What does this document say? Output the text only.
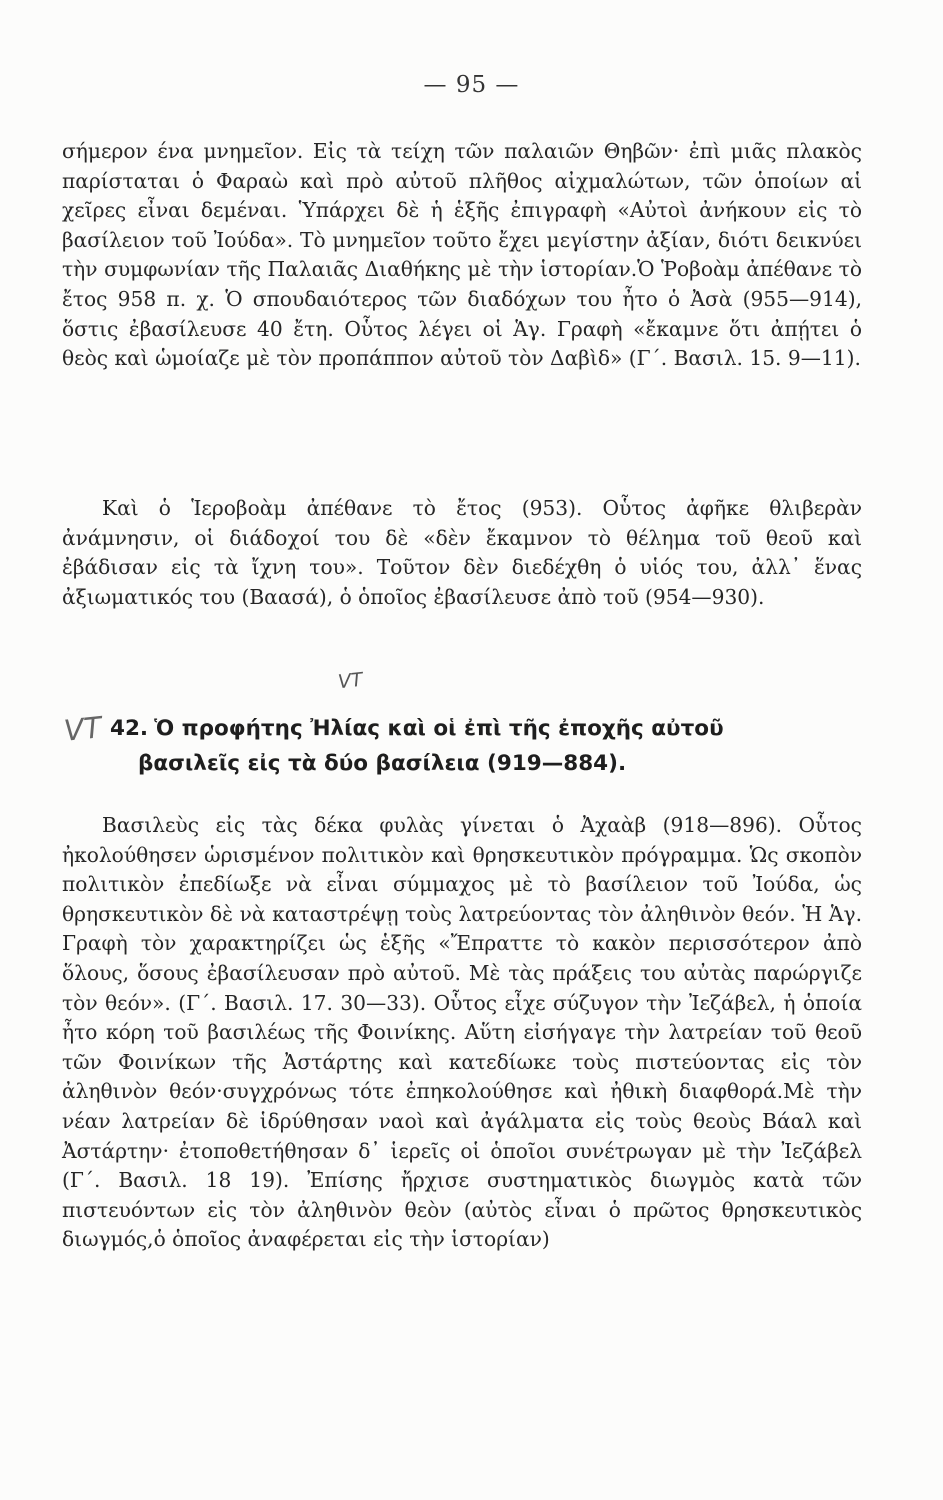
— 95 —

σήμερον ένα μνημεῖον. Εἰς τὰ τείχη τῶν παλαιῶν Θηβῶν· ἐπὶ μιᾶς πλακὸς παρίσταται ὁ Φαραὼ καὶ πρὸ αὐτοῦ πλῆθος αἰχμαλώτων, τῶν ὁποίων αἱ χεῖρες εἶναι δεμέναι. Ὑπάρχει δὲ ἡ ἑξῆς ἐπιγραφὴ «Αὐτοὶ ἀνήκουν εἰς τὸ βασίλειον τοῦ Ἰούδα». Τὸ μνημεῖον τοῦτο ἔχει μεγίστην ἀξίαν, διότι δεικνύει τὴν συμφωνίαν τῆς Παλαιᾶς Διαθήκης μὲ τὴν ἱστορίαν.Ὁ Ῥοβοὰμ ἀπέθανε τὸ ἔτος 958 π. χ. Ὁ σπουδαιότερος τῶν διαδόχων του ἦτο ὁ Ἀσὰ (955—914), ὅστις ἐβασίλευσε 40 ἔτη. Οὗτος λέγει οἱ Ἁγ. Γραφὴ «ἔκαμνε ὅτι ἀπῄτει ὁ θεὸς καὶ ὡμοίαζε μὲ τὸν προπάππον αὐτοῦ τὸν Δαβὶδ» (Γ΄. Βασιλ. 15. 9—11).

Καὶ ὁ Ἱεροβοὰμ ἀπέθανε τὸ ἔτος (953). Οὗτος ἀφῆκε θλιβερὰν ἀνάμνησιν, οἱ διάδοχοί του δὲ «δὲν ἔκαμνον τὸ θέλημα τοῦ θεοῦ καὶ ἐβάδισαν εἰς τὰ ἴχνη του». Τοῦτον δὲν διεδέχθη ὁ υἱός του, ἀλλ᾽ ἕνας ἀξιωματικός του (Βαασά), ὁ ὁποῖος ἐβασίλευσε ἀπὸ τοῦ (954—930).

VT
VT 42. Ὁ προφήτης Ἠλίας καὶ οἱ ἐπὶ τῆς ἐποχῆς αὐτοῦ
βασιλεῖς εἰς τὰ δύο βασίλεια (919—884).

Βασιλεὺς εἰς τὰς δέκα φυλὰς γίνεται ὁ Ἀχαὰβ (918—896). Οὗτος ἠκολούθησεν ὡρισμένον πολιτικὸν καὶ θρησκευτικὸν πρόγραμμα. Ὡς σκοπὸν πολιτικὸν ἐπεδίωξε νὰ εἶναι σύμμαχος μὲ τὸ βασίλειον τοῦ Ἰούδα, ὡς θρησκευτικὸν δὲ νὰ καταστρέψῃ τοὺς λατρεύοντας τὸν ἀληθινὸν θεόν. Ἡ Ἁγ. Γραφὴ τὸν χαρακτηρίζει ὡς ἑξῆς «Ἔπραττε τὸ κακὸν περισσότερον ἀπὸ ὅλους, ὅσους ἐβασίλευσαν πρὸ αὐτοῦ. Μὲ τὰς πράξεις του αὐτὰς παρώργιζε τὸν θεόν». (Γ΄. Βασιλ. 17. 30—33). Οὗτος εἶχε σύζυγον τὴν Ἰεζάβελ, ἡ ὁποία ἦτο κόρη τοῦ βασιλέως τῆς Φοινίκης. Αὕτη εἰσήγαγε τὴν λατρείαν τοῦ θεοῦ τῶν Φοινίκων τῆς Ἀστάρτης καὶ κατεδίωκε τοὺς πιστεύοντας εἰς τὸν ἀληθινὸν θεόν·συγχρόνως τότε ἐπηκολούθησε καὶ ἠθικὴ διαφθορά.Μὲ τὴν νέαν λατρείαν δὲ ἱδρύθησαν ναοὶ καὶ ἀγάλματα εἰς τοὺς θεοὺς Βάαλ καὶ Ἀστάρτην· ἐτοποθετήθησαν δ᾽ ἱερεῖς οἱ ὁποῖοι συνέτρωγαν μὲ τὴν Ἰεζάβελ (Γ΄. Βασιλ. 18 19). Ἐπίσης ἤρχισε συστηματικὸς διωγμὸς κατὰ τῶν πιστευόντων εἰς τὸν ἀληθινὸν θεὸν (αὐτὸς εἶναι ὁ πρῶτος θρησκευτικὸς διωγμός,ὁ ὁποῖος ἀναφέρεται εἰς τὴν ἱστορίαν)
